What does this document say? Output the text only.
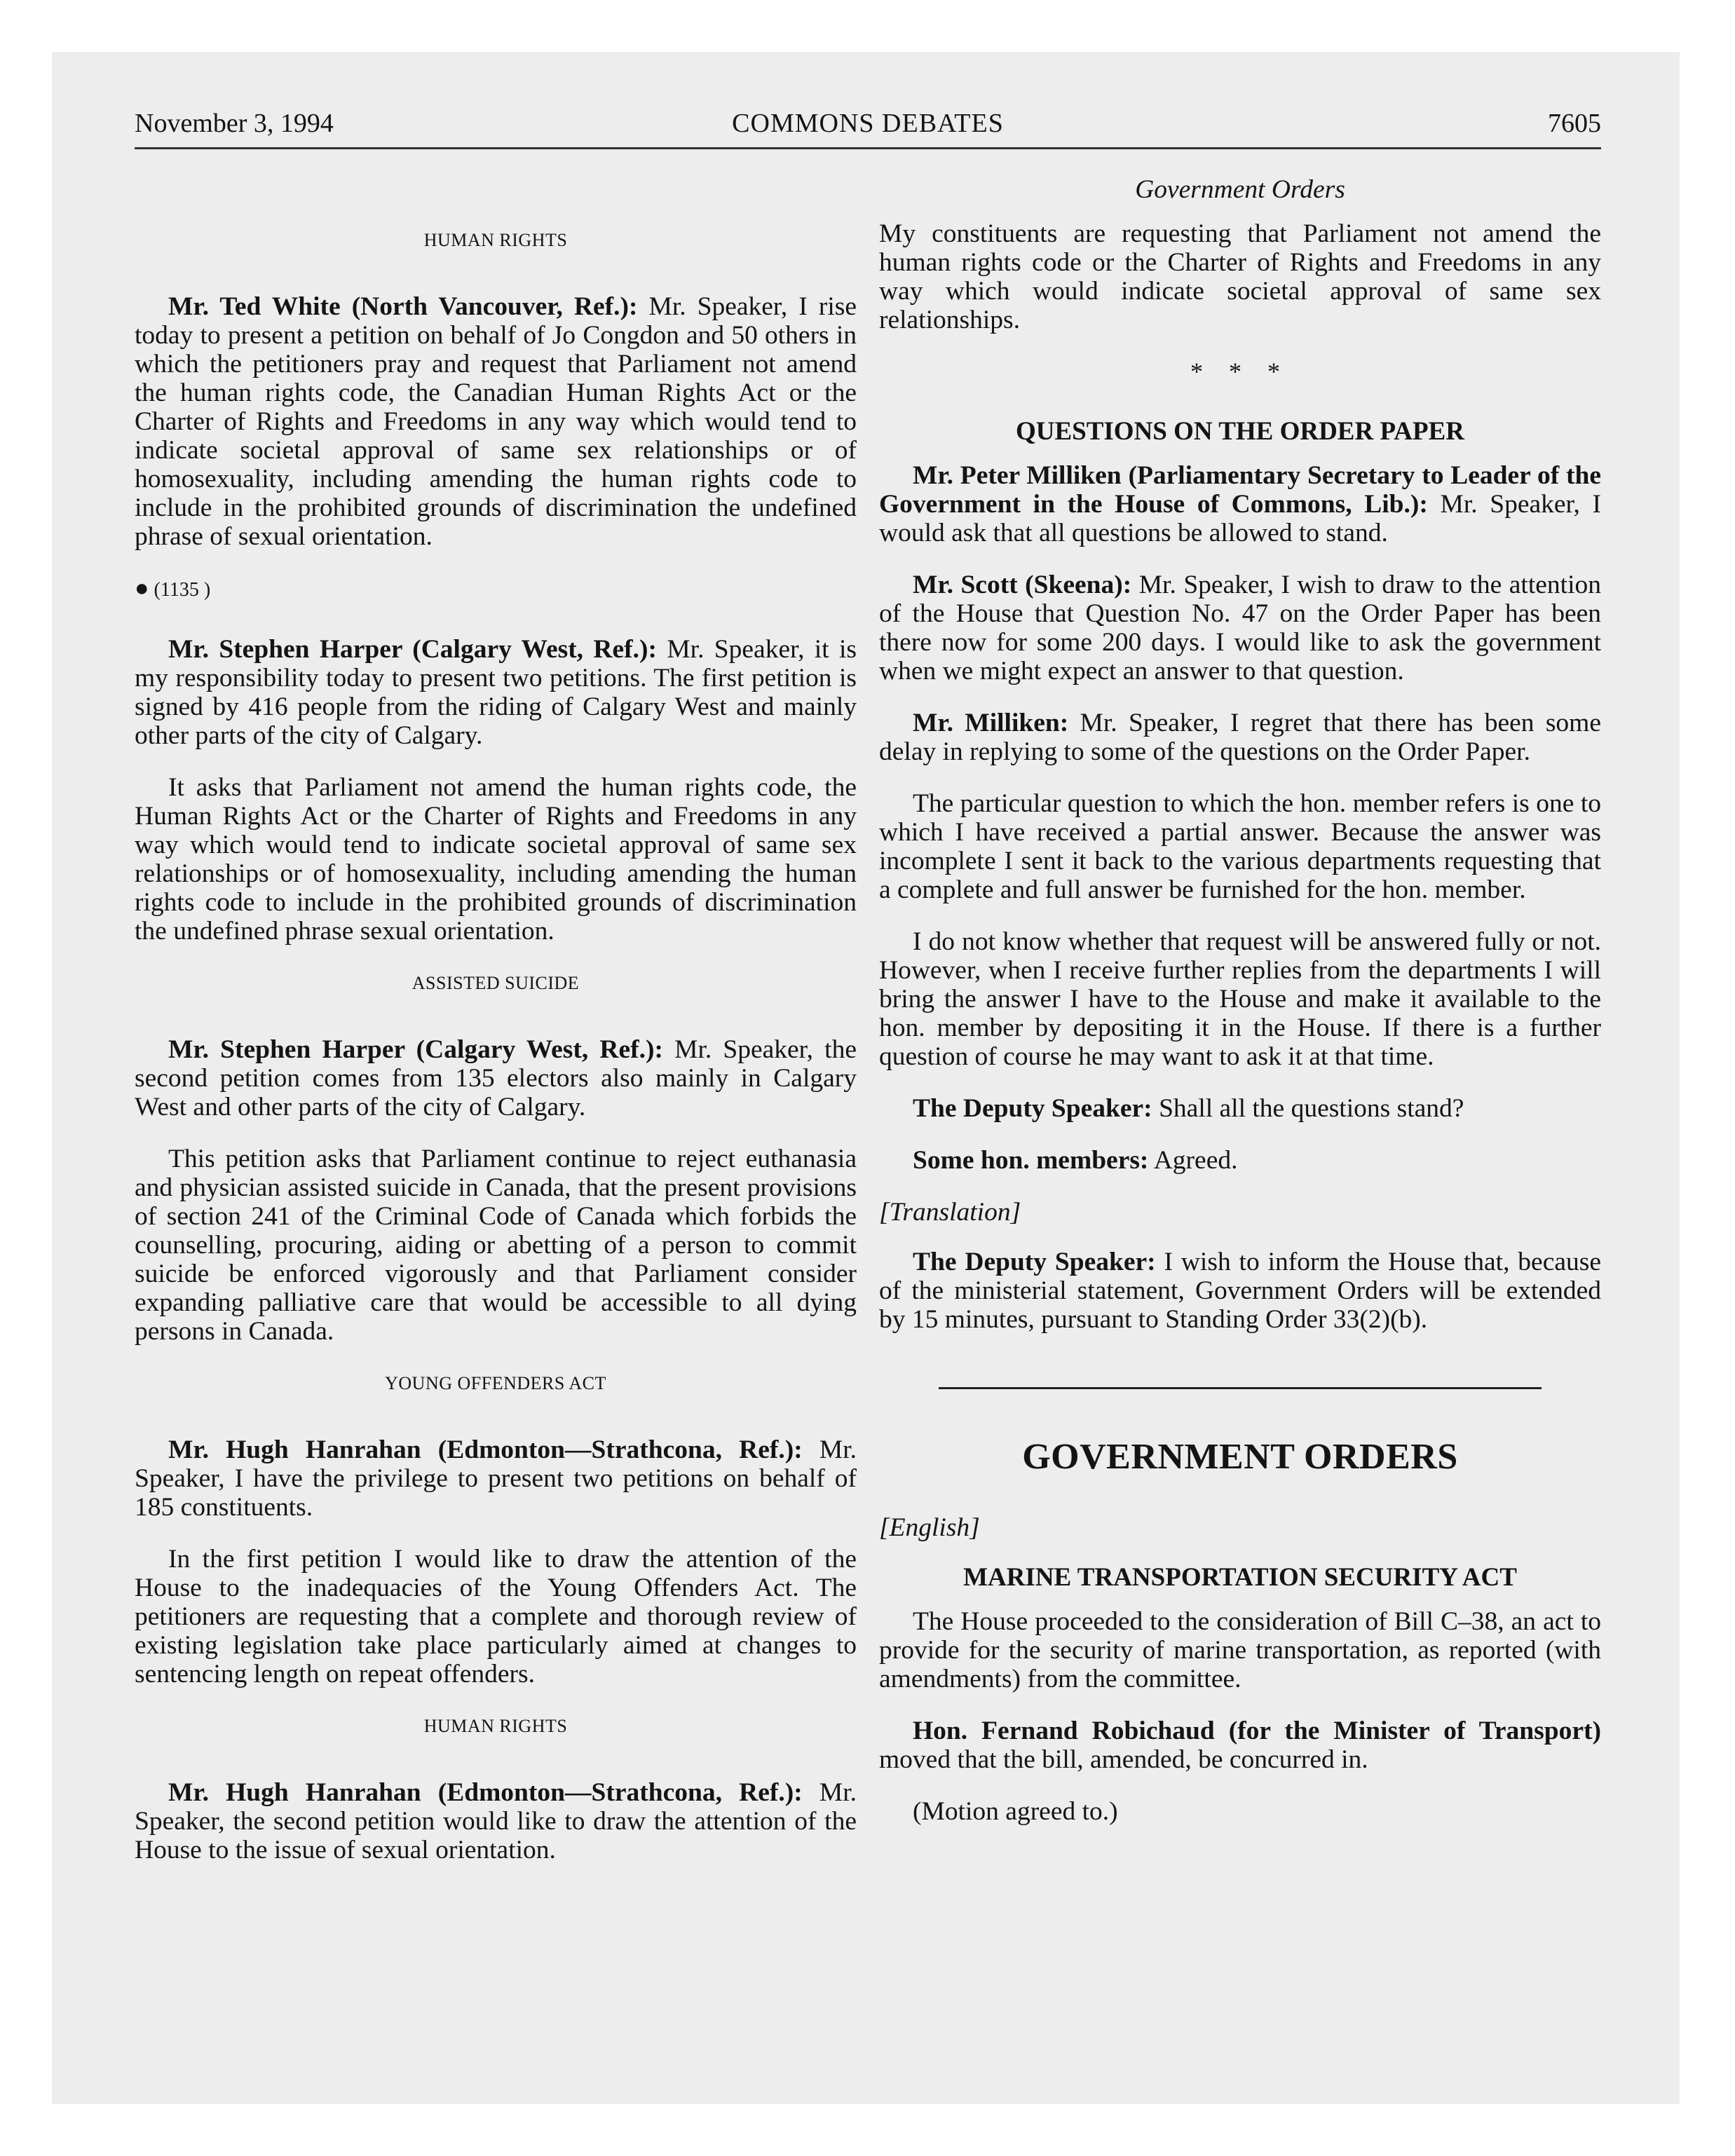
November 3, 1994	COMMONS DEBATES	7605

HUMAN RIGHTS

Mr. Ted White (North Vancouver, Ref.): Mr. Speaker, I rise today to present a petition on behalf of Jo Congdon and 50 others in which the petitioners pray and request that Parliament not amend the human rights code, the Canadian Human Rights Act or the Charter of Rights and Freedoms in any way which would tend to indicate societal approval of same sex relationships or of homosexuality, including amending the human rights code to include in the prohibited grounds of discrimination the undefined phrase of sexual orientation.

● (1135 )

Mr. Stephen Harper (Calgary West, Ref.): Mr. Speaker, it is my responsibility today to present two petitions. The first petition is signed by 416 people from the riding of Calgary West and mainly other parts of the city of Calgary.

It asks that Parliament not amend the human rights code, the Human Rights Act or the Charter of Rights and Freedoms in any way which would tend to indicate societal approval of same sex relationships or of homosexuality, including amending the human rights code to include in the prohibited grounds of discrimination the undefined phrase sexual orientation.

ASSISTED SUICIDE

Mr. Stephen Harper (Calgary West, Ref.): Mr. Speaker, the second petition comes from 135 electors also mainly in Calgary West and other parts of the city of Calgary.

This petition asks that Parliament continue to reject euthanasia and physician assisted suicide in Canada, that the present provisions of section 241 of the Criminal Code of Canada which forbids the counselling, procuring, aiding or abetting of a person to commit suicide be enforced vigorously and that Parliament consider expanding palliative care that would be accessible to all dying persons in Canada.

YOUNG OFFENDERS ACT

Mr. Hugh Hanrahan (Edmonton—Strathcona, Ref.): Mr. Speaker, I have the privilege to present two petitions on behalf of 185 constituents.

In the first petition I would like to draw the attention of the House to the inadequacies of the Young Offenders Act. The petitioners are requesting that a complete and thorough review of existing legislation take place particularly aimed at changes to sentencing length on repeat offenders.

HUMAN RIGHTS

Mr. Hugh Hanrahan (Edmonton—Strathcona, Ref.): Mr. Speaker, the second petition would like to draw the attention of the House to the issue of sexual orientation.

Government Orders

My constituents are requesting that Parliament not amend the human rights code or the Charter of Rights and Freedoms in any way which would indicate societal approval of same sex relationships.

* * *

QUESTIONS ON THE ORDER PAPER

Mr. Peter Milliken (Parliamentary Secretary to Leader of the Government in the House of Commons, Lib.): Mr. Speaker, I would ask that all questions be allowed to stand.

Mr. Scott (Skeena): Mr. Speaker, I wish to draw to the attention of the House that Question No. 47 on the Order Paper has been there now for some 200 days. I would like to ask the government when we might expect an answer to that question.

Mr. Milliken: Mr. Speaker, I regret that there has been some delay in replying to some of the questions on the Order Paper.

The particular question to which the hon. member refers is one to which I have received a partial answer. Because the answer was incomplete I sent it back to the various departments requesting that a complete and full answer be furnished for the hon. member.

I do not know whether that request will be answered fully or not. However, when I receive further replies from the departments I will bring the answer I have to the House and make it available to the hon. member by depositing it in the House. If there is a further question of course he may want to ask it at that time.

The Deputy Speaker: Shall all the questions stand?

Some hon. members: Agreed.

[Translation]

The Deputy Speaker: I wish to inform the House that, because of the ministerial statement, Government Orders will be extended by 15 minutes, pursuant to Standing Order 33(2)(b).

GOVERNMENT ORDERS

[English]

MARINE TRANSPORTATION SECURITY ACT

The House proceeded to the consideration of Bill C–38, an act to provide for the security of marine transportation, as reported (with amendments) from the committee.

Hon. Fernand Robichaud (for the Minister of Transport) moved that the bill, amended, be concurred in.

(Motion agreed to.)
